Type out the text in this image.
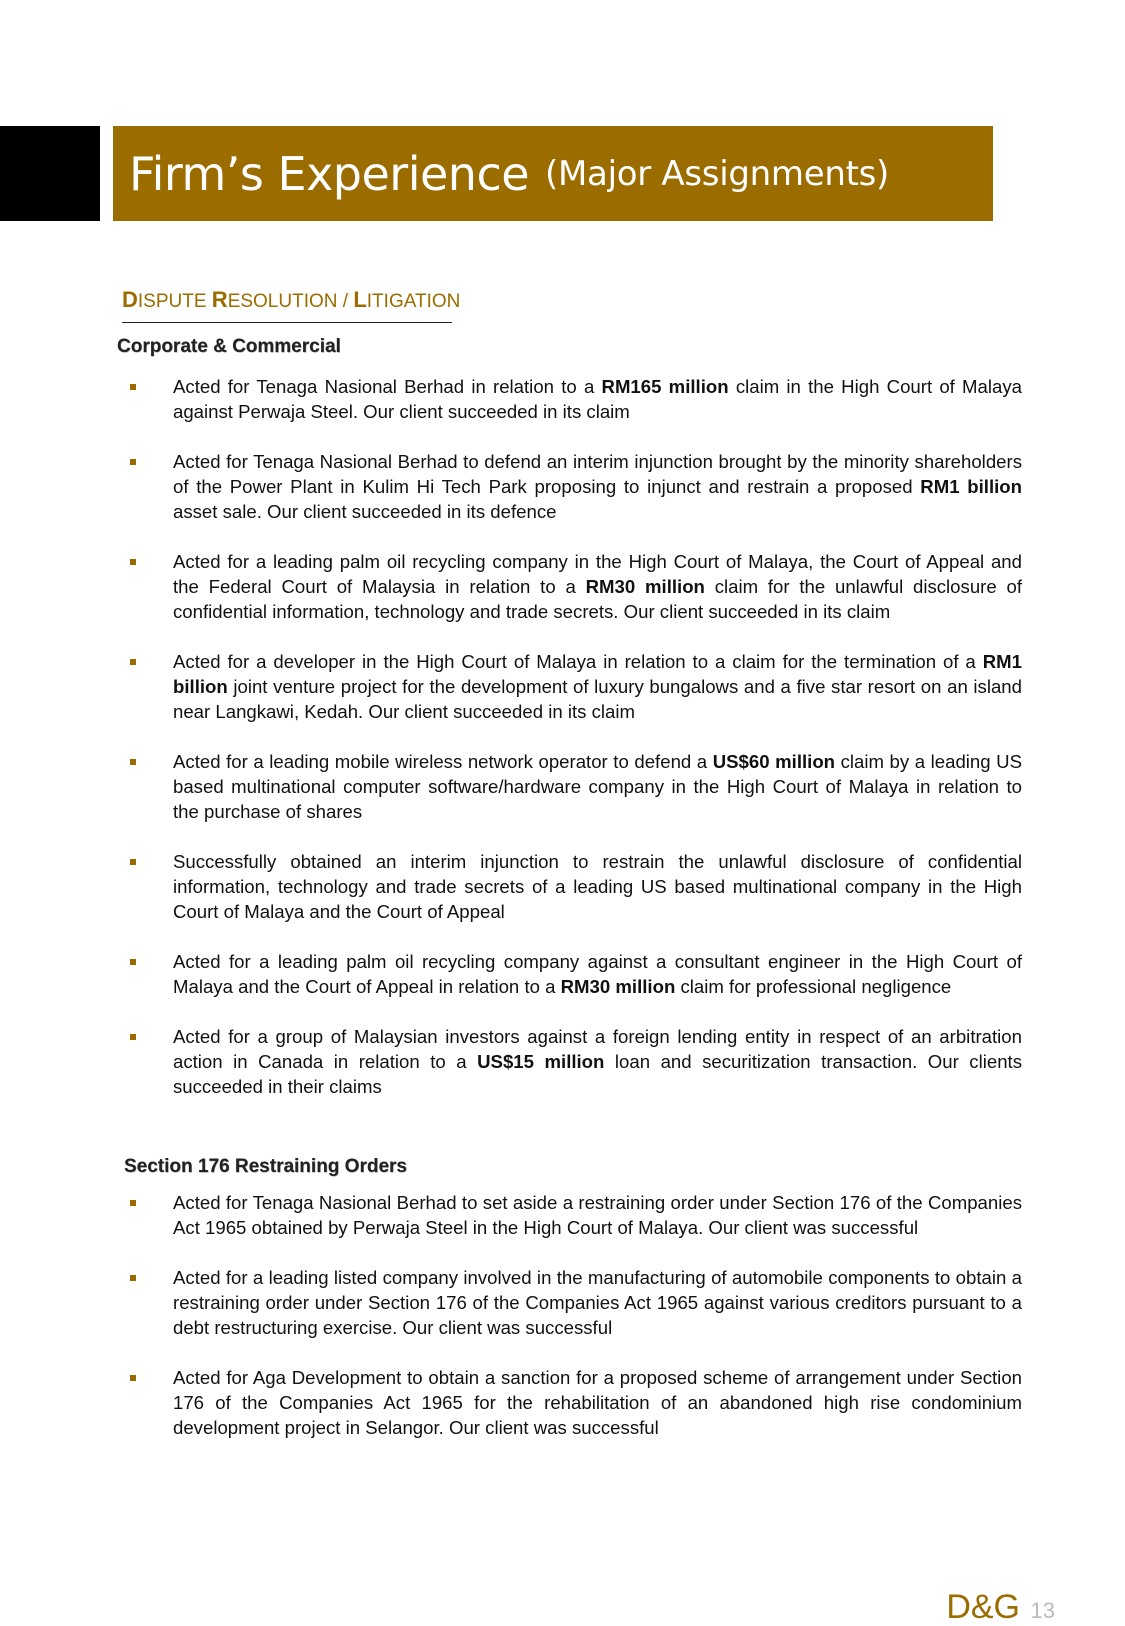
Firm’s Experience (Major Assignments)
DISPUTE RESOLUTION / LITIGATION
Corporate & Commercial
Acted for Tenaga Nasional Berhad in relation to a RM165 million claim in the High Court of Malaya against Perwaja Steel. Our client succeeded in its claim
Acted for Tenaga Nasional Berhad to defend an interim injunction brought by the minority shareholders of the Power Plant in Kulim Hi Tech Park proposing to injunct and restrain a proposed RM1 billion asset sale. Our client succeeded in its defence
Acted for a leading palm oil recycling company in the High Court of Malaya, the Court of Appeal and the Federal Court of Malaysia in relation to a RM30 million claim for the unlawful disclosure of confidential information, technology and trade secrets. Our client succeeded in its claim
Acted for a developer in the High Court of Malaya in relation to a claim for the termination of a RM1 billion joint venture project for the development of luxury bungalows and a five star resort on an island near Langkawi, Kedah. Our client succeeded in its claim
Acted for a leading mobile wireless network operator to defend a US$60 million claim by a leading US based multinational computer software/hardware company in the High Court of Malaya in relation to the purchase of shares
Successfully obtained an interim injunction to restrain the unlawful disclosure of confidential information, technology and trade secrets of a leading US based multinational company in the High Court of Malaya and the Court of Appeal
Acted for a leading palm oil recycling company against a consultant engineer in the High Court of Malaya and the Court of Appeal in relation to a RM30 million claim for professional negligence
Acted for a group of Malaysian investors against a foreign lending entity in respect of an arbitration action in Canada in relation to a US$15 million loan and securitization transaction. Our clients succeeded in their claims
Section 176 Restraining Orders
Acted for Tenaga Nasional Berhad to set aside a restraining order under Section 176 of the Companies Act 1965 obtained by Perwaja Steel in the High Court of Malaya. Our client was successful
Acted for a leading listed company involved in the manufacturing of automobile components to obtain a restraining order under Section 176 of the Companies Act 1965 against various creditors pursuant to a debt restructuring exercise. Our client was successful
Acted for Aga Development to obtain a sanction for a proposed scheme of arrangement under Section 176 of the Companies Act 1965 for the rehabilitation of an abandoned high rise condominium development project in Selangor. Our client was successful
D&G 13
